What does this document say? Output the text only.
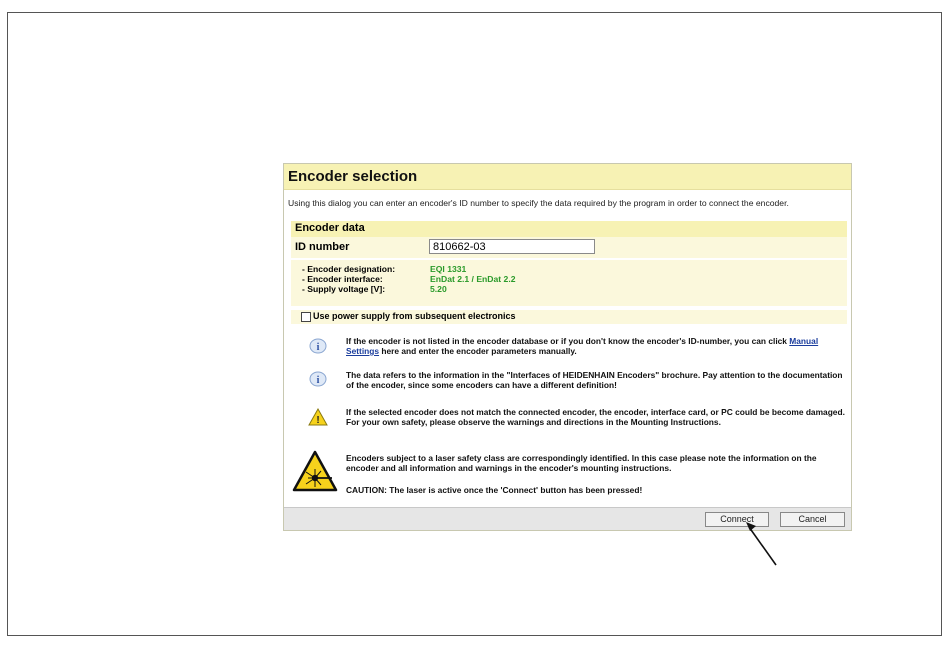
Encoder selection
Using this dialog you can enter an encoder's ID number to specify the data required by the program in order to connect the encoder.
Encoder data
ID number
810662-03
- Encoder designation:	EQI 1331
- Encoder interface:	EnDat 2.1 / EnDat 2.2
- Supply voltage [V]:	5.20
Use power supply from subsequent electronics
i
If the encoder is not listed in the encoder database or if you don't know the encoder's ID-number, you can click Manual Settings here and enter the encoder parameters manually.
i	The data refers to the information in the "Interfaces of HEIDENHAIN Encoders" brochure. Pay attention to the documentation of the encoder, since some encoders can have a different definition!
!
If the selected encoder does not match the connected encoder, the encoder, interface card, or PC could be become damaged. For your own safety, please observe the warnings and directions in the Mounting Instructions.
Encoders subject to a laser safety class are correspondingly identified. In this case please note the information on the encoder and all information and warnings in the encoder's mounting instructions.
CAUTION: The laser is active once the 'Connect' button has been pressed!
Connect	Cancel
